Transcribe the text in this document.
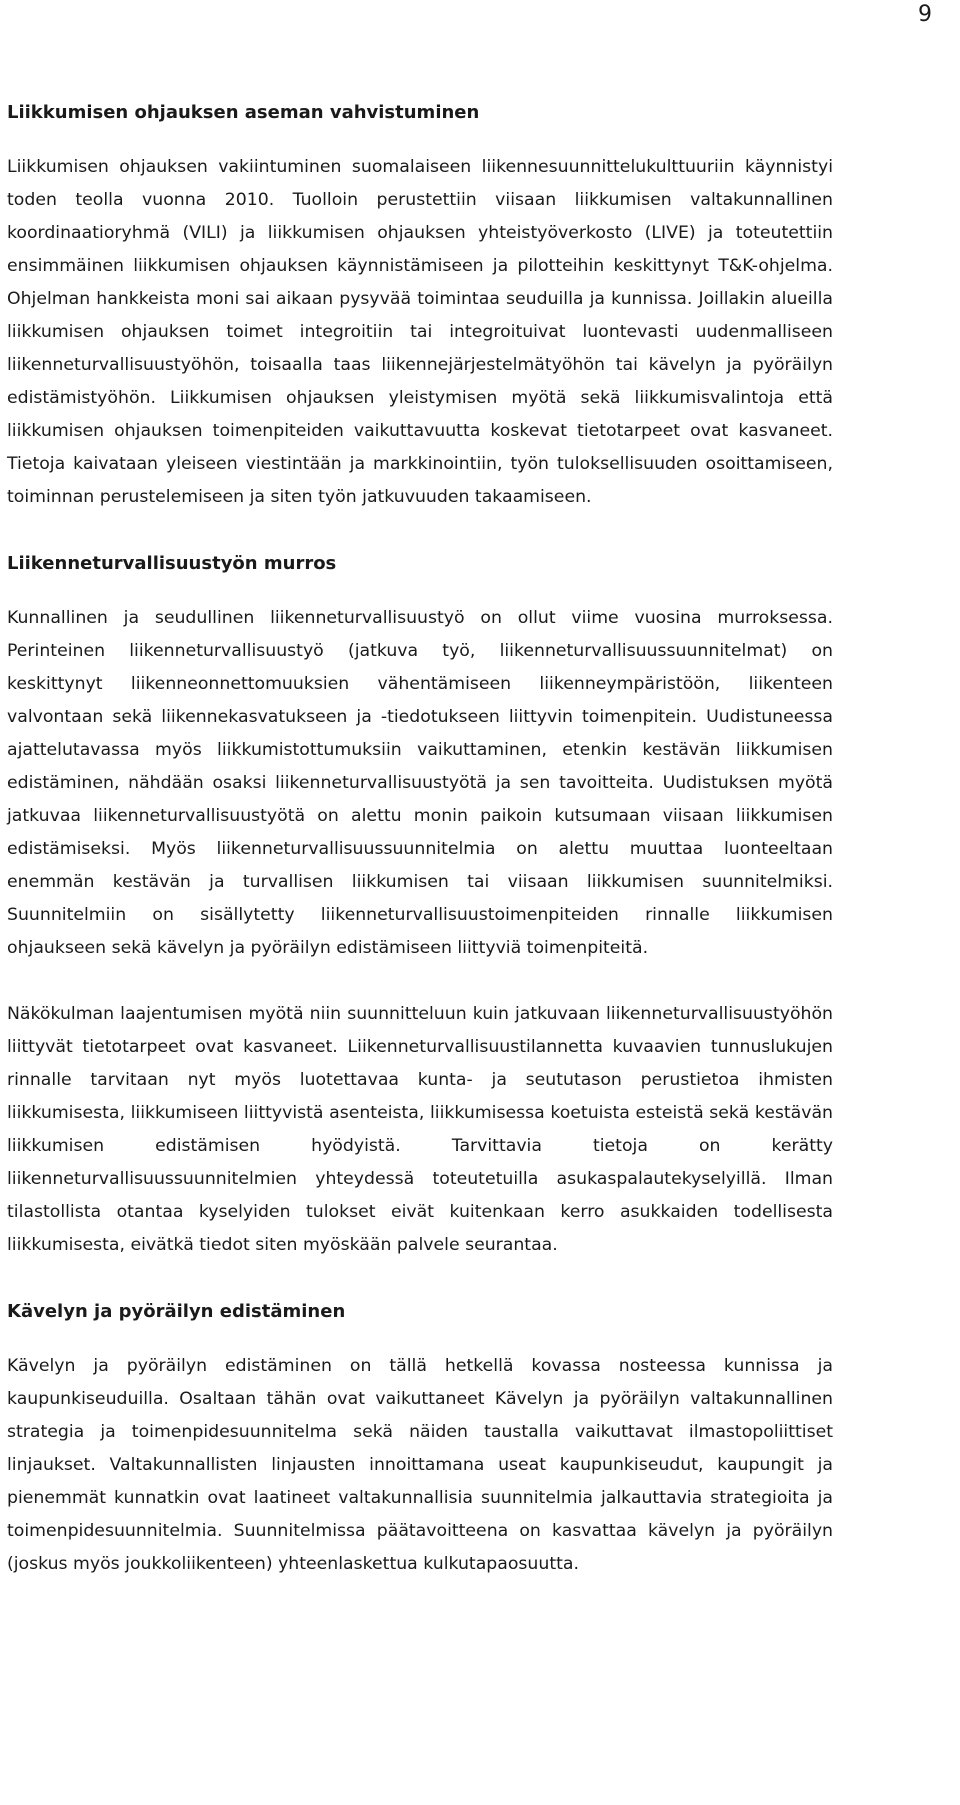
9
Liikkumisen ohjauksen aseman vahvistuminen

Liikkumisen ohjauksen vakiintuminen suomalaiseen liikennesuunnittelukulttuuriin käynnistyi toden teolla vuonna 2010. Tuolloin perustettiin viisaan liikkumisen valtakunnallinen koordinaatioryhmä (VILI) ja liikkumisen ohjauksen yhteistyöverkosto (LIVE) ja toteutettiin ensimmäinen liikkumisen ohjauksen käynnistämiseen ja pilotteihin keskittynyt T&K-ohjelma. Ohjelman hankkeista moni sai aikaan pysyvää toimintaa seuduilla ja kunnissa. Joillakin alueilla liikkumisen ohjauksen toimet integroitiin tai integroituivat luontevasti uudenmalliseen liikenneturvallisuustyöhön, toisaalla taas liikennejärjestelmätyöhön tai kävelyn ja pyöräilyn edistämistyöhön. Liikkumisen ohjauksen yleistymisen myötä sekä liikkumisvalintoja että liikkumisen ohjauksen toimenpiteiden vaikuttavuutta koskevat tietotarpeet ovat kasvaneet. Tietoja kaivataan yleiseen viestintään ja markkinointiin, työn tuloksellisuuden osoittamiseen, toiminnan perustelemiseen ja siten työn jatkuvuuden takaamiseen.

Liikenneturvallisuustyön murros

Kunnallinen ja seudullinen liikenneturvallisuustyö on ollut viime vuosina murroksessa. Perinteinen liikenneturvallisuustyö (jatkuva työ, liikenneturvallisuussuunnitelmat) on keskittynyt liikenneonnettomuuksien vähentämiseen liikenneympäristöön, liikenteen valvontaan sekä liikennekasvatukseen ja -tiedotukseen liittyvin toimenpitein. Uudistuneessa ajattelutavassa myös liikkumistottumuksiin vaikuttaminen, etenkin kestävän liikkumisen edistäminen, nähdään osaksi liikenneturvallisuustyötä ja sen tavoitteita. Uudistuksen myötä jatkuvaa liikenneturvallisuustyötä on alettu monin paikoin kutsumaan viisaan liikkumisen edistämiseksi. Myös liikenneturvallisuussuunnitelmia on alettu muuttaa luonteeltaan enemmän kestävän ja turvallisen liikkumisen tai viisaan liikkumisen suunnitelmiksi. Suunnitelmiin on sisällytetty liikenneturvallisuustoimenpiteiden rinnalle liikkumisen ohjaukseen sekä kävelyn ja pyöräilyn edistämiseen liittyviä toimenpiteitä.

Näkökulman laajentumisen myötä niin suunnitteluun kuin jatkuvaan liikenneturvallisuustyöhön liittyvät tietotarpeet ovat kasvaneet. Liikenneturvallisuustilannetta kuvaavien tunnuslukujen rinnalle tarvitaan nyt myös luotettavaa kunta- ja seututason perustietoa ihmisten liikkumisesta, liikkumiseen liittyvistä asenteista, liikkumisessa koetuista esteistä sekä kestävän liikkumisen edistämisen hyödyistä. Tarvittavia tietoja on kerätty liikenneturvallisuussuunnitelmien yhteydessä toteutetuilla asukaspalautekyselyillä. Ilman tilastollista otantaa kyselyiden tulokset eivät kuitenkaan kerro asukkaiden todellisesta liikkumisesta, eivätkä tiedot siten myöskään palvele seurantaa.

Kävelyn ja pyöräilyn edistäminen

Kävelyn ja pyöräilyn edistäminen on tällä hetkellä kovassa nosteessa kunnissa ja kaupunkiseuduilla. Osaltaan tähän ovat vaikuttaneet Kävelyn ja pyöräilyn valtakunnallinen strategia ja toimenpidesuunnitelma sekä näiden taustalla vaikuttavat ilmastopoliittiset linjaukset. Valtakunnallisten linjausten innoittamana useat kaupunkiseudut, kaupungit ja pienemmät kunnatkin ovat laatineet valtakunnallisia suunnitelmia jalkauttavia strategioita ja toimenpidesuunnitelmia. Suunnitelmissa päätavoitteena on kasvattaa kävelyn ja pyöräilyn (joskus myös joukkoliikenteen) yhteenlaskettua kulkutapaosuutta.
